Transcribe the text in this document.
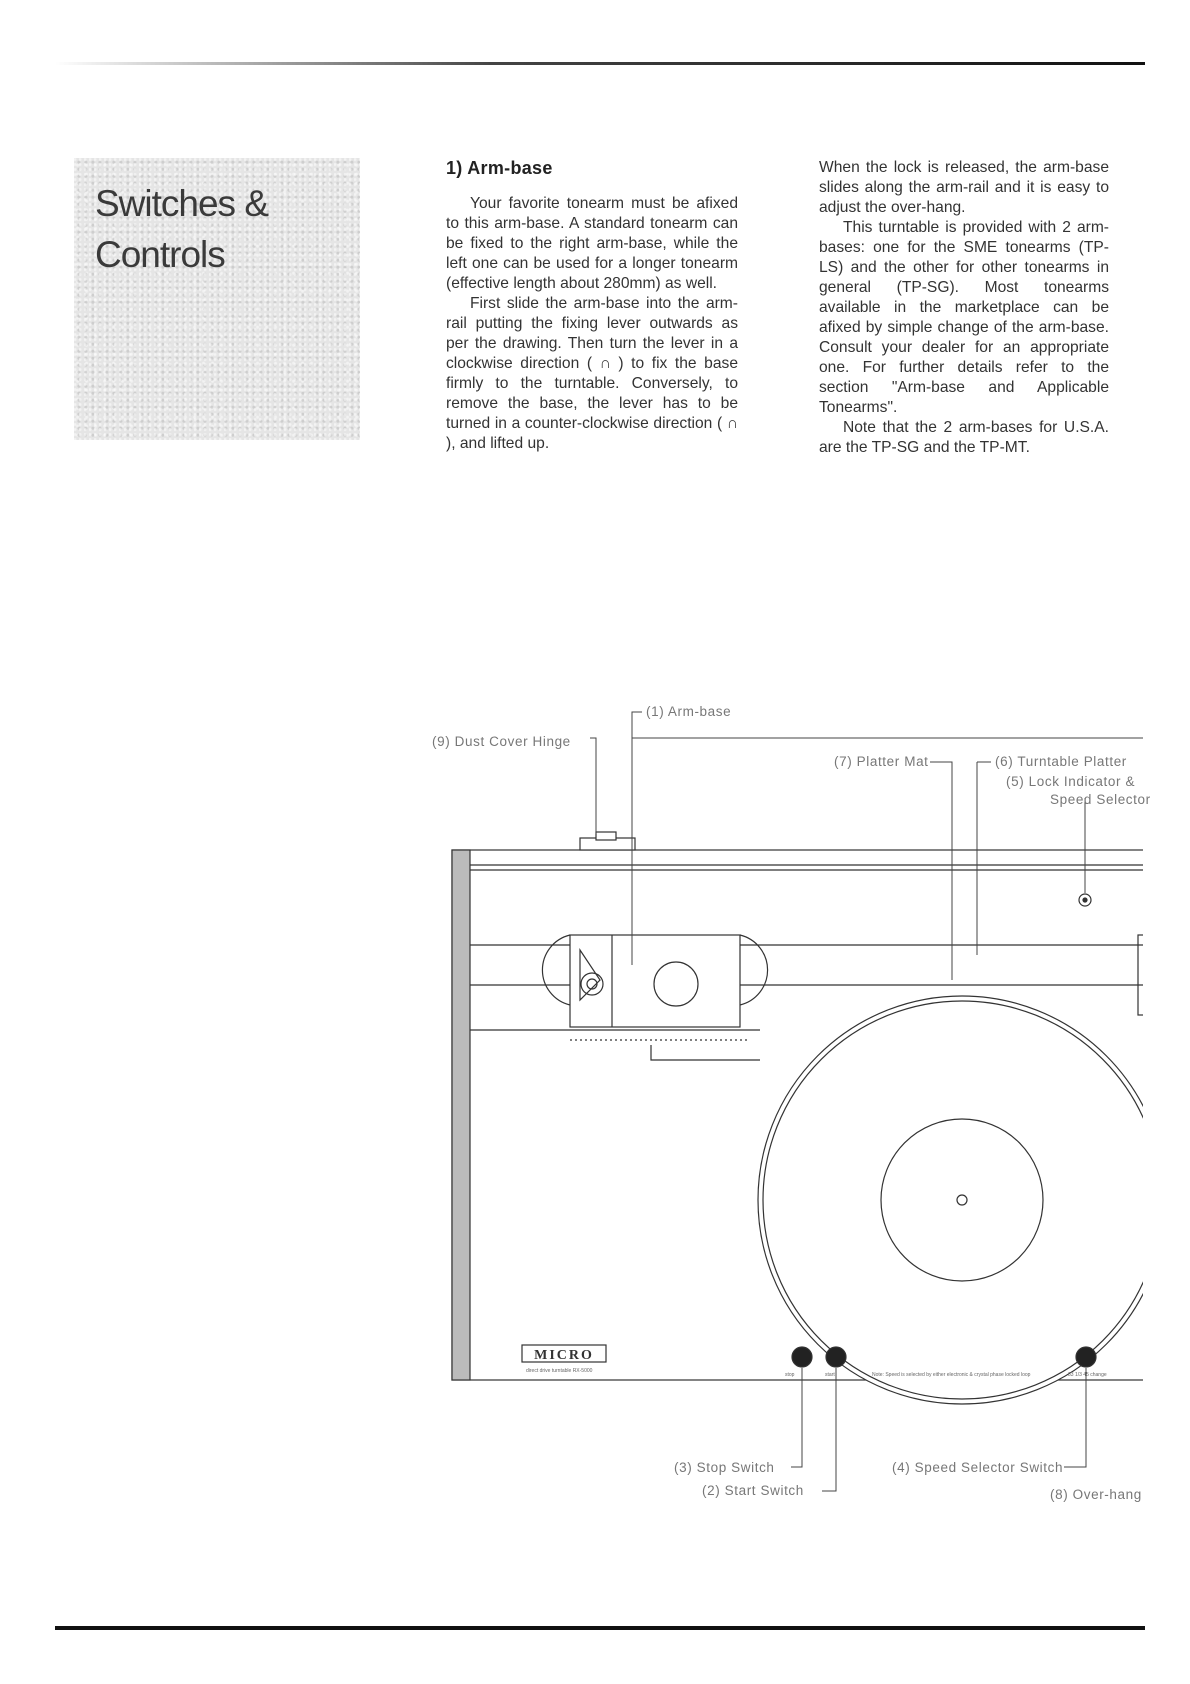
Switches &
Controls
1) Arm-base

Your favorite tonearm must be afixed to this arm-base. A standard tonearm can be fixed to the right arm-base, while the left one can be used for a longer tonearm (effective length about 280mm) as well.

First slide the arm-base into the arm-rail putting the fixing lever outwards as per the drawing. Then turn the lever in a clockwise direction ( ∩ ) to fix the base firmly to the turntable. Conversely, to remove the base, the lever has to be turned in a counter-clockwise direction ( ∩ ), and lifted up.

When the lock is released, the arm-base slides along the arm-rail and it is easy to adjust the over-hang.

This turntable is provided with 2 arm-bases: one for the SME tonearms (TP-LS) and the other for other tonearms in general (TP-SG). Most tonearms available in the marketplace can be afixed by simple change of the arm-base. Consult your dealer for an appropriate one. For further details refer to the section "Arm-base and Applicable Tonearms".

Note that the 2 arm-bases for U.S.A. are the TP-SG and the TP-MT.

MICRO
direct drive turntable RX-5000
stop	start	Note: Speed is selected by either electronic & crystal phase locked loop	33 1/3 45 change
(1) Arm-base
(9) Dust Cover Hinge
(7) Platter Mat	(6) Turntable Platter
(5) Lock Indicator &
Speed Selector
(3) Stop Switch
(2) Start Switch
(4) Speed Selector Switch
(8) Over-hang
